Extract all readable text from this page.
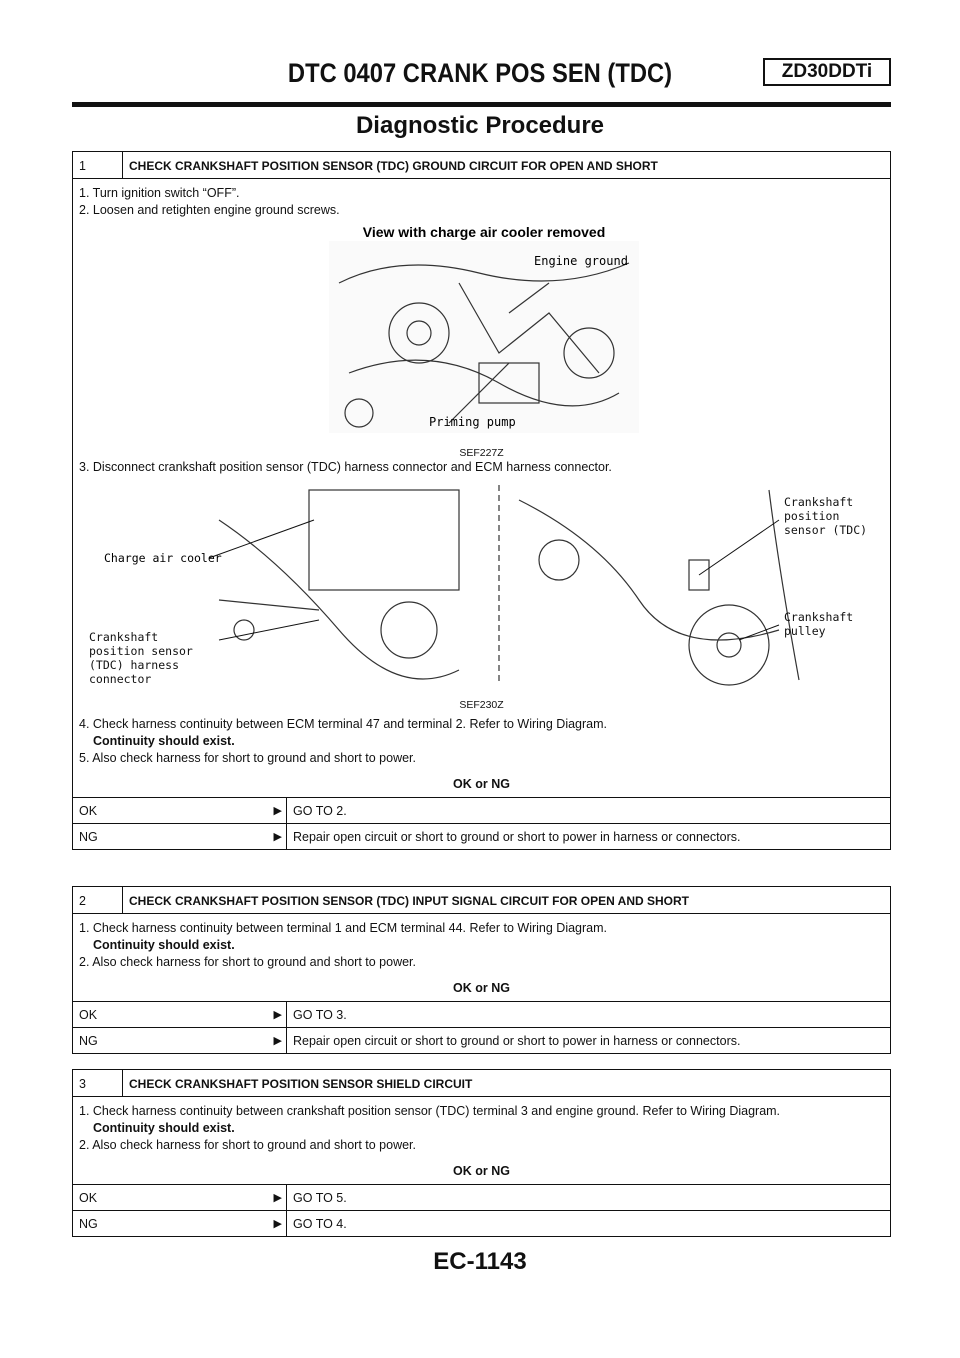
DTC 0407 CRANK POS SEN (TDC)	ZD30DDTi
Diagnostic Procedure
1	CHECK CRANKSHAFT POSITION SENSOR (TDC) GROUND CIRCUIT FOR OPEN AND SHORT
1. Turn ignition switch “OFF”.
2. Loosen and retighten engine ground screws.
View with charge air cooler removed
Engine ground
Priming pump
SEF227Z
3. Disconnect crankshaft position sensor (TDC) harness connector and ECM harness connector.
Charge air cooler
Crankshaft position sensor (TDC) harness connector
Crankshaft position sensor (TDC)
Crankshaft pulley
SEF230Z
4. Check harness continuity between ECM terminal 47 and terminal 2. Refer to Wiring Diagram.
Continuity should exist.
5. Also check harness for short to ground and short to power.
OK or NG
OK	▶ GO TO 2.
NG	▶ Repair open circuit or short to ground or short to power in harness or connectors.
2	CHECK CRANKSHAFT POSITION SENSOR (TDC) INPUT SIGNAL CIRCUIT FOR OPEN AND SHORT
1. Check harness continuity between terminal 1 and ECM terminal 44. Refer to Wiring Diagram.
Continuity should exist.
2. Also check harness for short to ground and short to power.
OK or NG
OK	▶ GO TO 3.
NG	▶ Repair open circuit or short to ground or short to power in harness or connectors.
3	CHECK CRANKSHAFT POSITION SENSOR SHIELD CIRCUIT
1. Check harness continuity between crankshaft position sensor (TDC) terminal 3 and engine ground. Refer to Wiring Diagram.
Continuity should exist.
2. Also check harness for short to ground and short to power.
OK or NG
OK	▶ GO TO 5.
NG	▶ GO TO 4.
EC-1143
